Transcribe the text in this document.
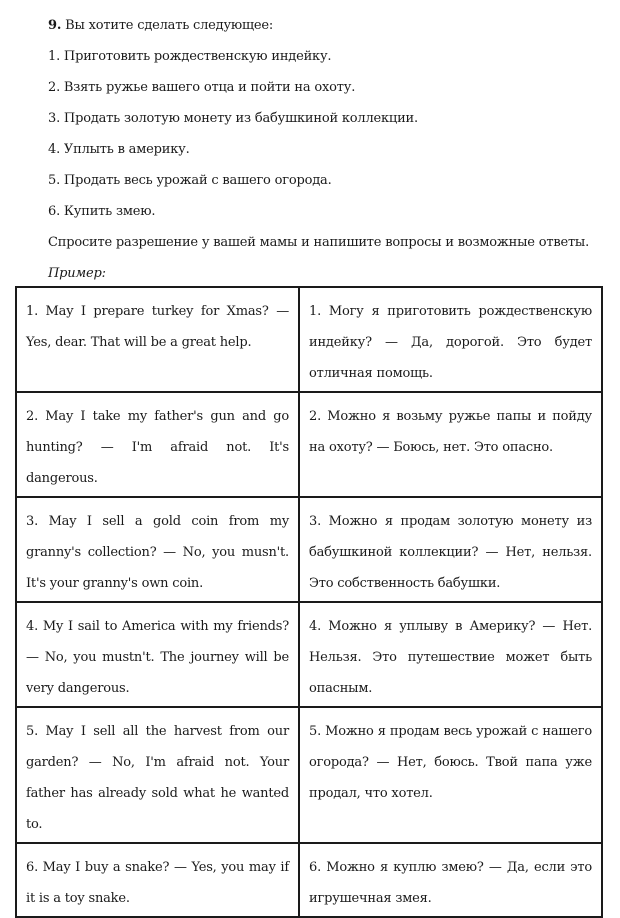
9. Вы хотите сделать следующее:
1. Приготовить рождественскую индейку.
2. Взять ружье вашего отца и пойти на охоту.
3. Продать золотую монету из бабушкиной коллекции.
4. Уплыть в америку.
5. Продать весь урожай с вашего огорода.
6. Купить змею.
Спросите разрешение у вашей мамы и напишите вопросы и возможные ответы.
Пример:
1. May I prepare turkey for Xmas? — Yes, dear. That will be a great help.	1. Могу я приготовить рождественскую индейку? — Да, дорогой. Это будет отличная помощь.
2. May I take my father's gun and go hunting? — I'm afraid not. It's dangerous.	2. Можно я возьму ружье папы и пойду на охоту? — Боюсь, нет. Это опасно.
3. May I sell a gold coin from my granny's collection? — No, you musn't. It's your granny's own coin.	3. Можно я продам золотую монету из бабушкиной коллекции? — Нет, нельзя. Это собственность бабушки.
4. My I sail to America with my friends? — No, you mustn't. The journey will be very dangerous.	4. Можно я уплыву в Америку? — Нет. Нельзя. Это путешествие может быть опасным.
5. May I sell all the harvest from our garden? — No, I'm afraid not. Your father has already sold what he wanted to.	5. Можно я продам весь урожай с нашего огорода? — Нет, боюсь. Твой папа уже продал, что хотел.
6. May I buy a snake? — Yes, you may if it is a toy snake.	6. Можно я куплю змею? — Да, если это игрушечная змея.
